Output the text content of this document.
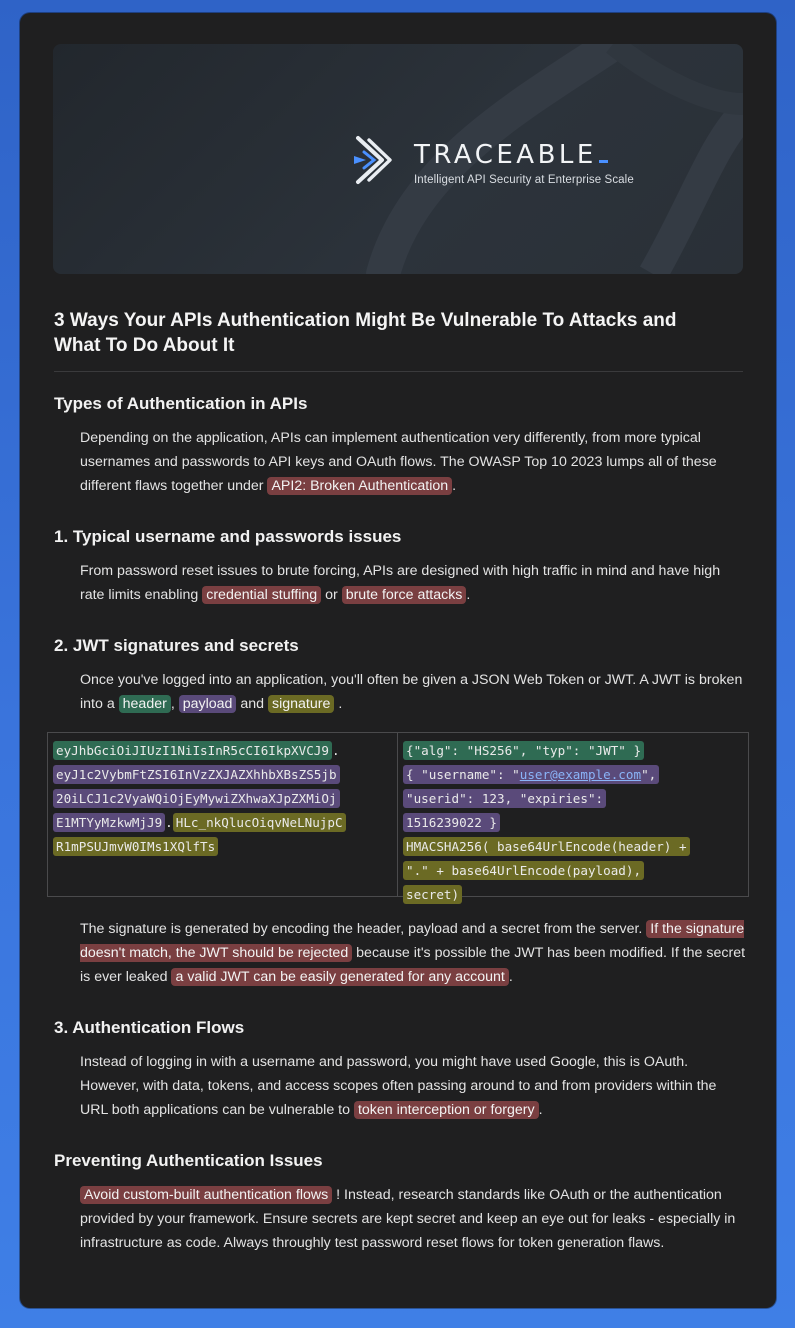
TRACEABLE
Intelligent API Security at Enterprise Scale
3 Ways Your APIs Authentication Might Be Vulnerable To Attacks and What To Do About It
Types of Authentication in APIs

Depending on the application, APIs can implement authentication very differently, from more typical usernames and passwords to API keys and OAuth flows. The OWASP Top 10 2023 lumps all of these different flaws together under API2: Broken Authentication .

1. Typical username and passwords issues

From password reset issues to brute forcing, APIs are designed with high traffic in mind and have high rate limits enabling credential stuffing or brute force attacks .

2. JWT signatures and secrets

Once you've logged into an application, you'll often be given a JSON Web Token or JWT. A JWT is broken into a header , payload and signature .

eyJhbGciOiJIUzI1NiIsInR5cCI6IkpXVCJ9 .
eyJ1c2VybmFtZSI6InVzZXJAZXhhbXBsZS5jb
20iLCJ1c2VyaWQiOjEyMywiZXhwaXJpZXMiOj
E1MTYyMzkwMjJ9 . HLc_nkQlucOiqvNeLNujpC
R1mPSUJmvW0IMs1XQlfTs
{"alg": "HS256", "typ": "JWT" }
{ "username": "user@example.com",
"userid": 123, "expiries":
1516239022 }
HMACSHA256( base64UrlEncode(header) +
"." + base64UrlEncode(payload),
secret)

The signature is generated by encoding the header, payload and a secret from the server. If the signature doesn't match, the JWT should be rejected because it's possible the JWT has been modified. If the secret is ever leaked a valid JWT can be easily generated for any account .

3. Authentication Flows

Instead of logging in with a username and password, you might have used Google, this is OAuth. However, with data, tokens, and access scopes often passing around to and from providers within the URL both applications can be vulnerable to token interception or forgery .

Preventing Authentication Issues

Avoid custom-built authentication flows ! Instead, research standards like OAuth or the authentication provided by your framework. Ensure secrets are kept secret and keep an eye out for leaks - especially in infrastructure as code. Always throughly test password reset flows for token generation flaws.
